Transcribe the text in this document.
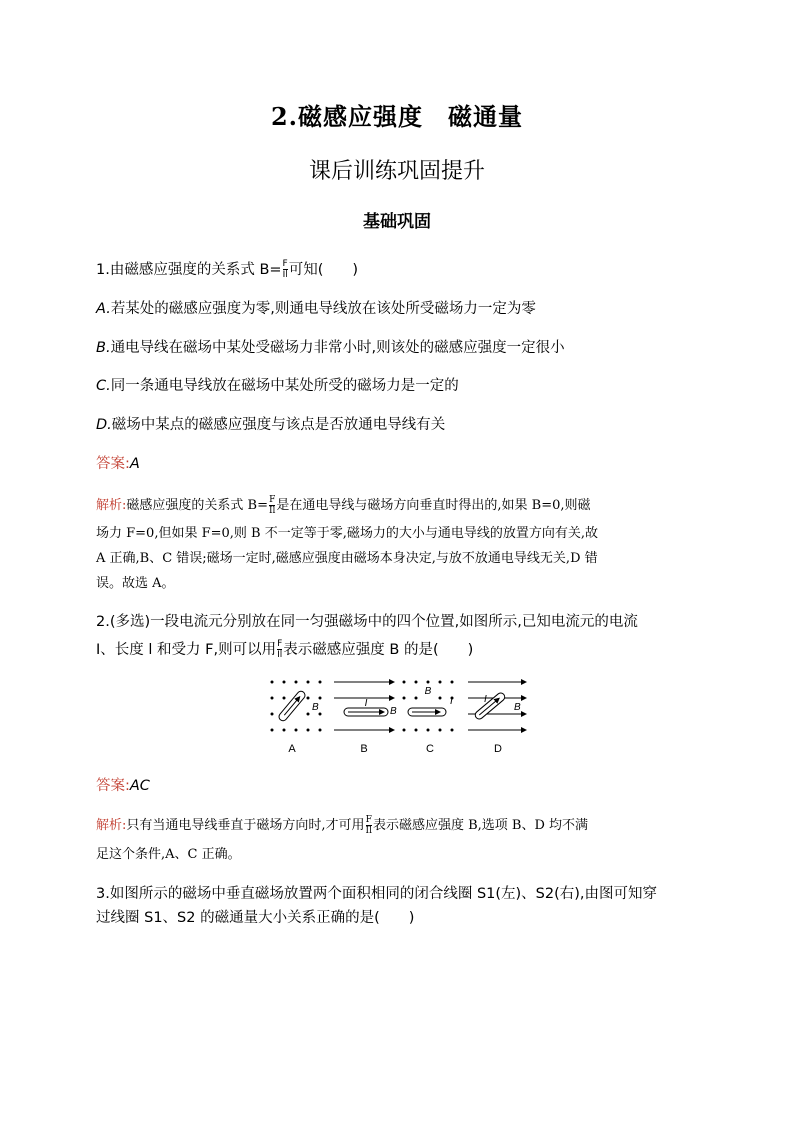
2.磁感应强度　磁通量
课后训练巩固提升
基础巩固
1.由磁感应强度的关系式 $B= \frac{F}{Il}$ 可知(　　)
A.若某处的磁感应强度为零,则通电导线放在该处所受磁场力一定为零
B.通电导线在磁场中某处受磁场力非常小时,则该处的磁感应强度一定很小
C.同一条通电导线放在磁场中某处所受的磁场力是一定的
D.磁场中某点的磁感应强度与该点是否放通电导线有关
答案:A
解析:磁感应强度的关系式 $B= \frac{F}{Il}$ 是在通电导线与磁场方向垂直时得出的,如果 B=0,则磁
场力 F=0,但如果 F=0,则 B 不一定等于零,磁场力的大小与通电导线的放置方向有关,故
A 正确,B、C 错误;磁场一定时,磁感应强度由磁场本身决定,与放不放通电导线无关,D 错
误。故选 A。
2.(多选)一段电流元分别放在同一匀强磁场中的四个位置,如图所示,已知电流元的电流
I、长度 l 和受力 F,则可以用 $\frac{F}{Il}$ 表示磁感应强度 B 的是(　　)
B
A
I
B
B
B
I
C
I
B
D
答案:AC
解析:只有当通电导线垂直于磁场方向时,才可用 $\frac{F}{Il}$ 表示磁感应强度 B,选项 B、D 均不满
足这个条件,A、C 正确。
3.如图所示的磁场中垂直磁场放置两个面积相同的闭合线圈 S1(左)、S2(右),由图可知穿
过线圈 S1、S2 的磁通量大小关系正确的是(　　)
